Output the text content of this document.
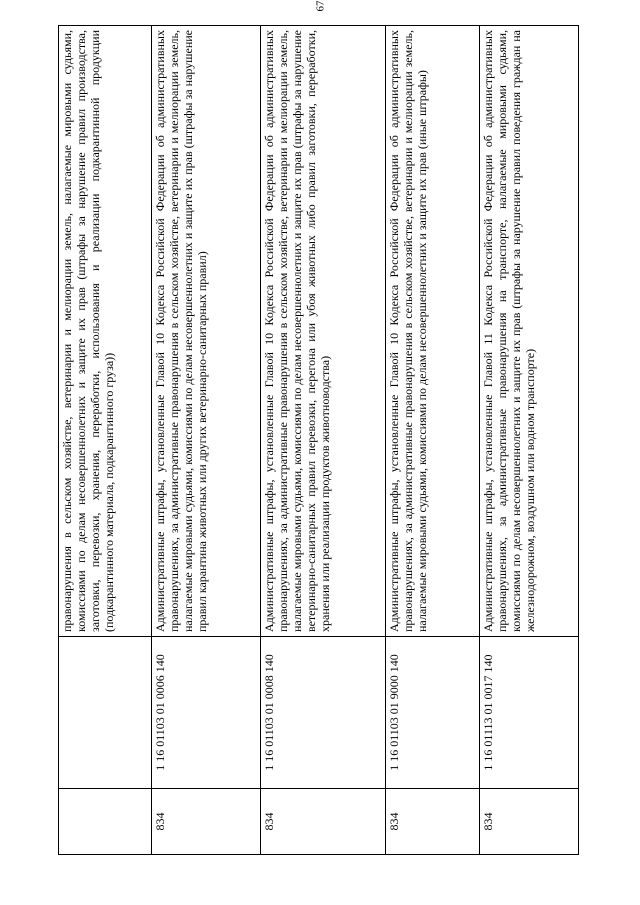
67
		правонарушения в сельском хозяйстве, ветеринарии и мелиорации земель, налагаемые мировыми судьями, комиссиями по делам несовершеннолетних и защите их прав (штрафы за нарушение правил производства, заготовки, перевозки, хранения, переработки, использования и реализации подкарантинной продукции (подкарантинного материала, подкарантинного груза))
834	1 16 01103 01 0006 140	Административные штрафы, установленные Главой 10 Кодекса Российской Федерации об административных правонарушениях, за административные правонарушения в сельском хозяйстве, ветеринарии и мелиорации земель, налагаемые мировыми судьями, комиссиями по делам несовершеннолетних и защите их прав (штрафы за нарушение правил карантина животных или других ветеринарно-санитарных правил)
834	1 16 01103 01 0008 140	Административные штрафы, установленные Главой 10 Кодекса Российской Федерации об административных правонарушениях, за административные правонарушения в сельском хозяйстве, ветеринарии и мелиорации земель, налагаемые мировыми судьями, комиссиями по делам несовершеннолетних и защите их прав (штрафы за нарушение ветеринарно-санитарных правил перевозки, перегона или убоя животных либо правил заготовки, переработки, хранения или реализации продуктов животноводства)
834	1 16 01103 01 9000 140	Административные штрафы, установленные Главой 10 Кодекса Российской Федерации об административных правонарушениях, за административные правонарушения в сельском хозяйстве, ветеринарии и мелиорации земель, налагаемые мировыми судьями, комиссиями по делам несовершеннолетних и защите их прав (иные штрафы)
834	1 16 01113 01 0017 140	Административные штрафы, установленные Главой 11 Кодекса Российской Федерации об административных правонарушениях, за административные правонарушения на транспорте, налагаемые мировыми судьями, комиссиями по делам несовершеннолетних и защите их прав (штрафы за нарушение правил поведения граждан на железнодорожном, воздушном или водном транспорте)
